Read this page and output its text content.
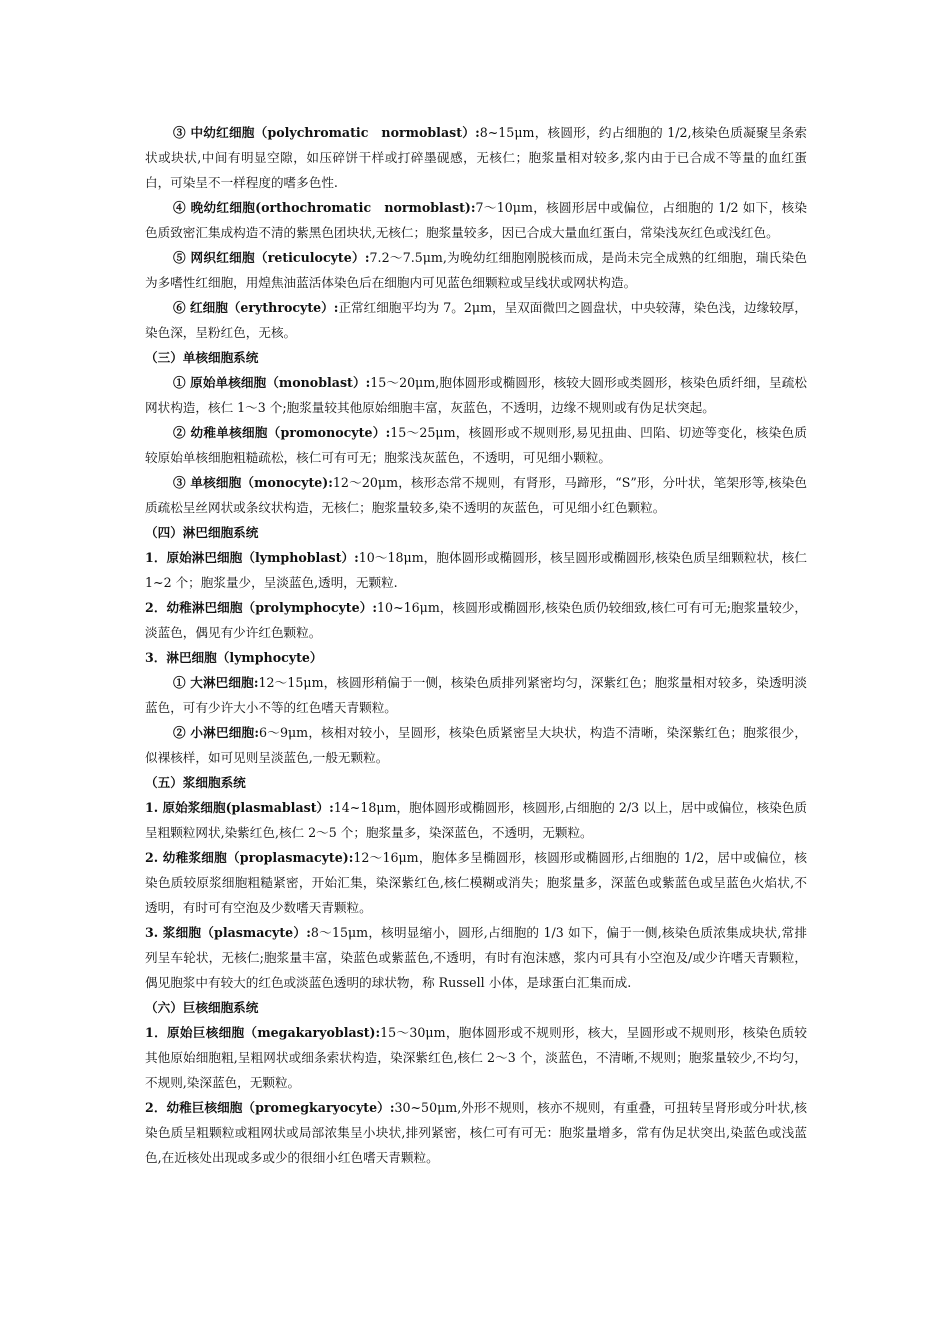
③ 中幼红细胞（polychromatic　normoblast）:8~15μm，核圆形，约占细胞的 1/2,核染色质凝聚呈条索状或块状,中间有明显空隙，如压碎饼干样或打碎墨砚感，无核仁；胞浆量相对较多,浆内由于已合成不等量的血红蛋白，可染呈不一样程度的嗜多色性.

④ 晚幼红细胞(orthochromatic　normoblast):7～10μm，核圆形居中或偏位，占细胞的 1/2 如下，核染色质致密汇集成构造不清的紫黑色团块状,无核仁；胞浆量较多，因已合成大量血红蛋白，常染浅灰红色或浅红色。

⑤ 网织红细胞（reticulocyte）:7.2～7.5μm,为晚幼红细胞刚脱核而成，是尚未完全成熟的红细胞，瑞氏染色为多嗜性红细胞，用煌焦油蓝活体染色后在细胞内可见蓝色细颗粒或呈线状或网状构造。

⑥ 红细胞（erythrocyte）:正常红细胞平均为 7。2μm，呈双面微凹之圆盘状，中央较薄，染色浅，边缘较厚，染色深，呈粉红色，无核。

（三）单核细胞系统

① 原始单核细胞（monoblast）:15～20μm,胞体圆形或椭圆形，核较大圆形或类圆形，核染色质纤细，呈疏松网状构造，核仁 1～3 个;胞浆量较其他原始细胞丰富，灰蓝色，不透明，边缘不规则或有伪足状突起。

② 幼稚单核细胞（promonocyte）:15～25μm，核圆形或不规则形,易见扭曲、凹陷、切迹等变化，核染色质较原始单核细胞粗糙疏松，核仁可有可无；胞浆浅灰蓝色，不透明，可见细小颗粒。

③ 单核细胞（monocyte):12～20μm，核形态常不规则，有肾形，马蹄形，“S”形，分叶状，笔架形等,核染色质疏松呈丝网状或条纹状构造，无核仁；胞浆量较多,染不透明的灰蓝色，可见细小红色颗粒。

（四）淋巴细胞系统

1．原始淋巴细胞（lymphoblast）:10～18μm，胞体圆形或椭圆形，核呈圆形或椭圆形,核染色质呈细颗粒状，核仁 1~2 个；胞浆量少，呈淡蓝色,透明，无颗粒.

2．幼稚淋巴细胞（prolymphocyte）:10~16μm，核圆形或椭圆形,核染色质仍较细致,核仁可有可无;胞浆量较少，淡蓝色，偶见有少许红色颗粒。

3．淋巴细胞（lymphocyte）

① 大淋巴细胞:12～15μm，核圆形稍偏于一侧，核染色质排列紧密均匀，深紫红色；胞浆量相对较多，染透明淡蓝色，可有少许大小不等的红色嗜天青颗粒。

② 小淋巴细胞:6～9μm，核相对较小，呈圆形，核染色质紧密呈大块状，构造不清晰，染深紫红色；胞浆很少，似裸核样，如可见则呈淡蓝色,一般无颗粒。

（五）浆细胞系统

1. 原始浆细胞(plasmablast）:14~18μm，胞体圆形或椭圆形，核圆形,占细胞的 2/3 以上，居中或偏位，核染色质呈粗颗粒网状,染紫红色,核仁 2～5 个；胞浆量多，染深蓝色，不透明，无颗粒。

2. 幼稚浆细胞（proplasmacyte):12～16μm，胞体多呈椭圆形，核圆形或椭圆形,占细胞的 1/2，居中或偏位，核染色质较原浆细胞粗糙紧密，开始汇集，染深紫红色,核仁模糊或消失；胞浆量多，深蓝色或紫蓝色或呈蓝色火焰状,不透明，有时可有空泡及少数嗜天青颗粒。

3. 浆细胞（plasmacyte）:8～15μm，核明显缩小，圆形,占细胞的 1/3 如下，偏于一侧,核染色质浓集成块状,常排列呈车轮状，无核仁;胞浆量丰富，染蓝色或紫蓝色,不透明，有时有泡沫感，浆内可具有小空泡及/或少许嗜天青颗粒，偶见胞浆中有较大的红色或淡蓝色透明的球状物，称 Russell 小体，是球蛋白汇集而成.

（六）巨核细胞系统

1．原始巨核细胞（megakaryoblast):15～30μm，胞体圆形或不规则形，核大，呈圆形或不规则形，核染色质较其他原始细胞粗,呈粗网状或细条索状构造，染深紫红色,核仁 2～3 个，淡蓝色，不清晰,不规则；胞浆量较少,不均匀，不规则,染深蓝色，无颗粒。

2．幼稚巨核细胞（promegkaryocyte）:30~50μm,外形不规则，核亦不规则，有重叠，可扭转呈肾形或分叶状,核染色质呈粗颗粒或粗网状或局部浓集呈小块状,排列紧密，核仁可有可无：胞浆量增多，常有伪足状突出,染蓝色或浅蓝色,在近核处出现或多或少的很细小红色嗜天青颗粒。
